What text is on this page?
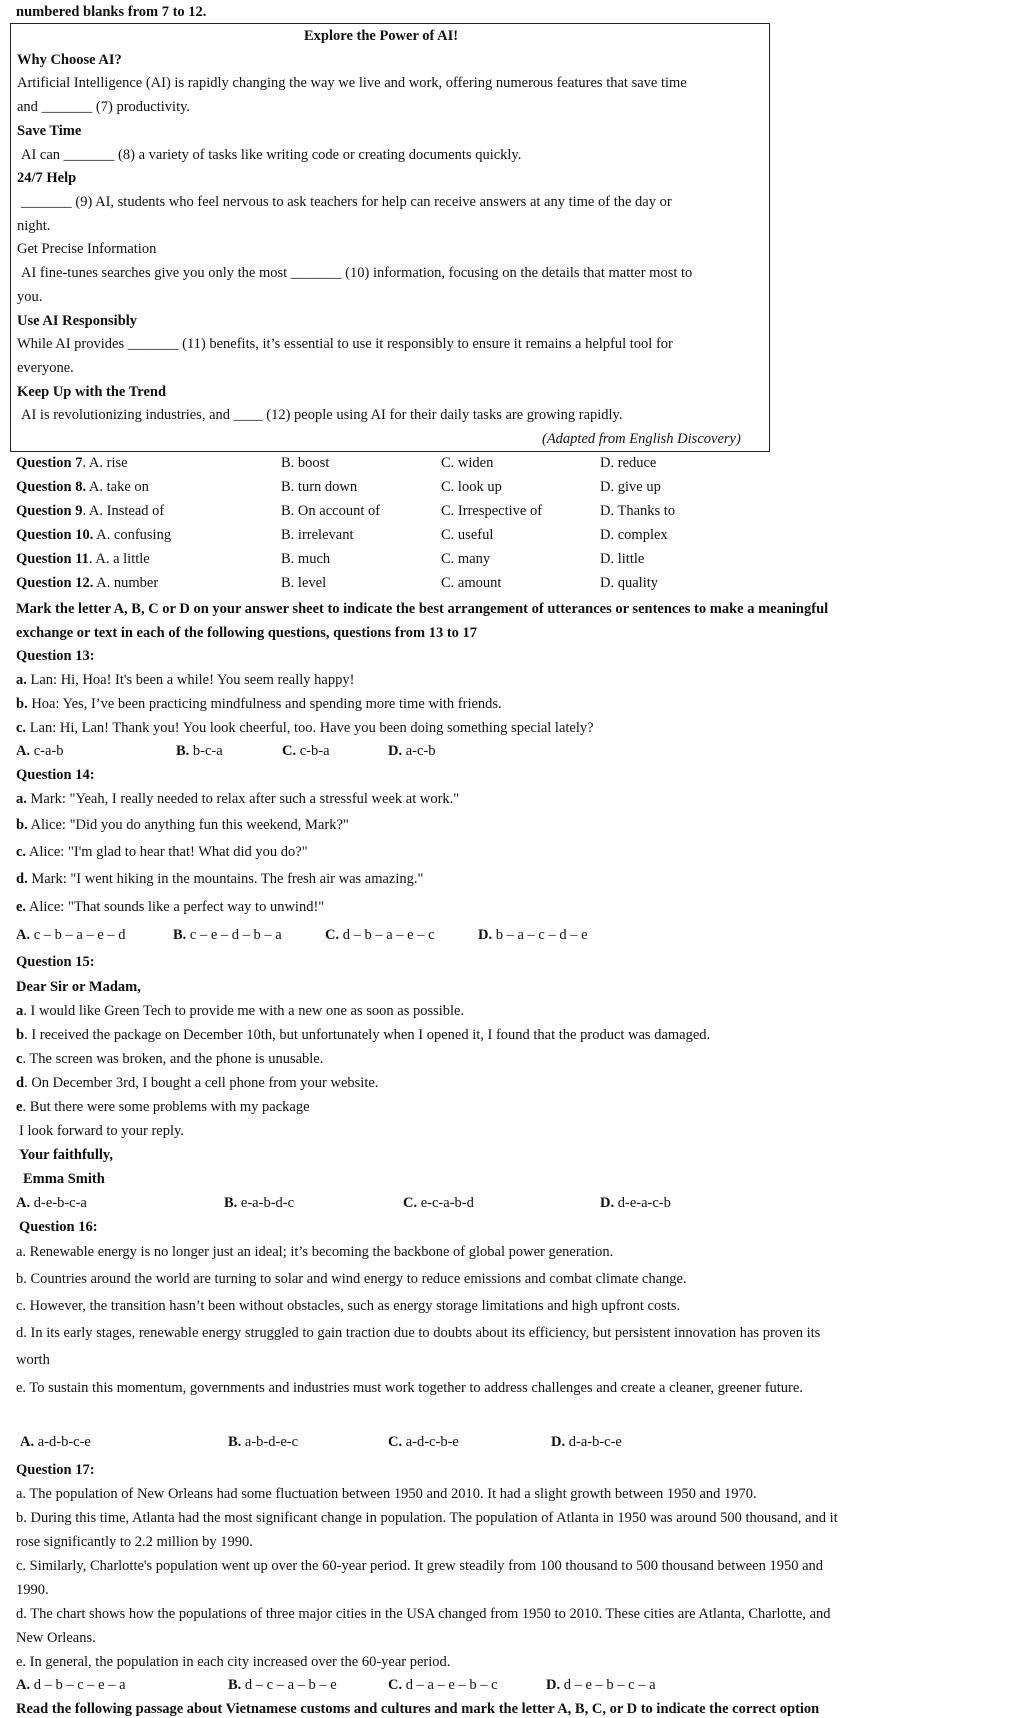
numbered blanks from 7 to 12.
Explore the Power of AI!
Why Choose AI?
Artificial Intelligence (AI) is rapidly changing the way we live and work, offering numerous features that save time
and _______ (7) productivity.
Save Time
AI can _______ (8) a variety of tasks like writing code or creating documents quickly.
24/7 Help
_______ (9) AI, students who feel nervous to ask teachers for help can receive answers at any time of the day or
night.
Get Precise Information
AI fine-tunes searches give you only the most _______ (10) information, focusing on the details that matter most to
you.
Use AI Responsibly
While AI provides _______ (11) benefits, it’s essential to use it responsibly to ensure it remains a helpful tool for
everyone.
Keep Up with the Trend
AI is revolutionizing industries, and ____ (12) people using AI for their daily tasks are growing rapidly.
(Adapted from English Discovery)
Question 7. A. rise	B. boost	C. widen	D. reduce
Question 8. A. take on	B. turn down	C. look up	D. give up
Question 9. A. Instead of	B. On account of	C. Irrespective of	D. Thanks to
Question 10. A. confusing	B. irrelevant	C. useful	D. complex
Question 11. A. a little	B. much	C. many	D. little
Question 12. A. number	B. level	C. amount	D. quality
Mark the letter A, B, C or D on your answer sheet to indicate the best arrangement of utterances or sentences to make a meaningful
exchange or text in each of the following questions, questions from 13 to 17
Question 13:
a. Lan: Hi, Hoa! It's been a while! You seem really happy!
b. Hoa: Yes, I’ve been practicing mindfulness and spending more time with friends.
c. Lan: Hi, Lan! Thank you! You look cheerful, too. Have you been doing something special lately?
A. c-a-b	B. b-c-a	C. c-b-a	D. a-c-b
Question 14:
a. Mark: "Yeah, I really needed to relax after such a stressful week at work."
b. Alice: "Did you do anything fun this weekend, Mark?"
c. Alice: "I'm glad to hear that! What did you do?"
d. Mark: "I went hiking in the mountains. The fresh air was amazing."
e. Alice: "That sounds like a perfect way to unwind!"
A. c – b – a – e – d	B. c – e – d – b – a	C. d – b – a – e – c	D. b – a – c – d – e
Question 15:
Dear Sir or Madam,
a. I would like Green Tech to provide me with a new one as soon as possible.
b. I received the package on December 10th, but unfortunately when I opened it, I found that the product was damaged.
c. The screen was broken, and the phone is unusable.
d. On December 3rd, I bought a cell phone from your website.
e. But there were some problems with my package
I look forward to your reply.
Your faithfully,
Emma Smith
A. d-e-b-c-a	B. e-a-b-d-c	C. e-c-a-b-d	D. d-e-a-c-b
Question 16:
a. Renewable energy is no longer just an ideal; it’s becoming the backbone of global power generation.
b. Countries around the world are turning to solar and wind energy to reduce emissions and combat climate change.
c. However, the transition hasn’t been without obstacles, such as energy storage limitations and high upfront costs.
d. In its early stages, renewable energy struggled to gain traction due to doubts about its efficiency, but persistent innovation has proven its
worth
e. To sustain this momentum, governments and industries must work together to address challenges and create a cleaner, greener future.
A. a-d-b-c-e	B. a-b-d-e-c	C. a-d-c-b-e	D. d-a-b-c-e
Question 17:
a. The population of New Orleans had some fluctuation between 1950 and 2010. It had a slight growth between 1950 and 1970.
b. During this time, Atlanta had the most significant change in population. The population of Atlanta in 1950 was around 500 thousand, and it
rose significantly to 2.2 million by 1990.
c. Similarly, Charlotte's population went up over the 60-year period. It grew steadily from 100 thousand to 500 thousand between 1950 and
1990.
d. The chart shows how the populations of three major cities in the USA changed from 1950 to 2010. These cities are Atlanta, Charlotte, and
New Orleans.
e. In general, the population in each city increased over the 60-year period.
A. d – b – c – e – a	B. d – c – a – b – e	C. d – a – e – b – c	D. d – e – b – c – a
Read the following passage about Vietnamese customs and cultures and mark the letter A, B, C, or D to indicate the correct option
